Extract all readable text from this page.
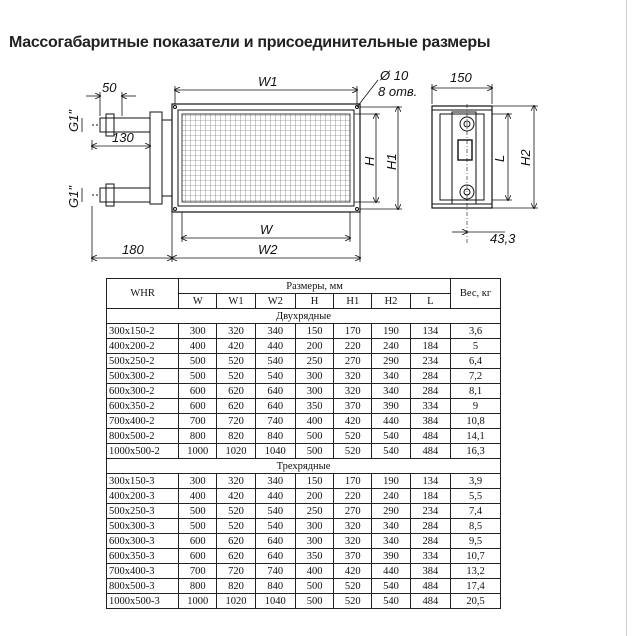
Массогабаритные показатели и присоединительные размеры
W1	Ø 10
8 отв.
50
G1"
130
G1"
H H1
W
180	W2
150
L H2
43,3
WHR	Размеры, мм							Вес, кг
	W	W1	W2	H	H1	H2	L	
Двухрядные								
300x150-2	300	320	340	150	170	190	134	3,6
400x200-2	400	420	440	200	220	240	184	5
500x250-2	500	520	540	250	270	290	234	6,4
500x300-2	500	520	540	300	320	340	284	7,2
600x300-2	600	620	640	300	320	340	284	8,1
600x350-2	600	620	640	350	370	390	334	9
700x400-2	700	720	740	400	420	440	384	10,8
800x500-2	800	820	840	500	520	540	484	14,1
1000x500-2	1000	1020	1040	500	520	540	484	16,3
Трехрядные								
300x150-3	300	320	340	150	170	190	134	3,9
400x200-3	400	420	440	200	220	240	184	5,5
500x250-3	500	520	540	250	270	290	234	7,4
500x300-3	500	520	540	300	320	340	284	8,5
600x300-3	600	620	640	300	320	340	284	9,5
600x350-3	600	620	640	350	370	390	334	10,7
700x400-3	700	720	740	400	420	440	384	13,2
800x500-3	800	820	840	500	520	540	484	17,4
1000x500-3	1000	1020	1040	500	520	540	484	20,5
